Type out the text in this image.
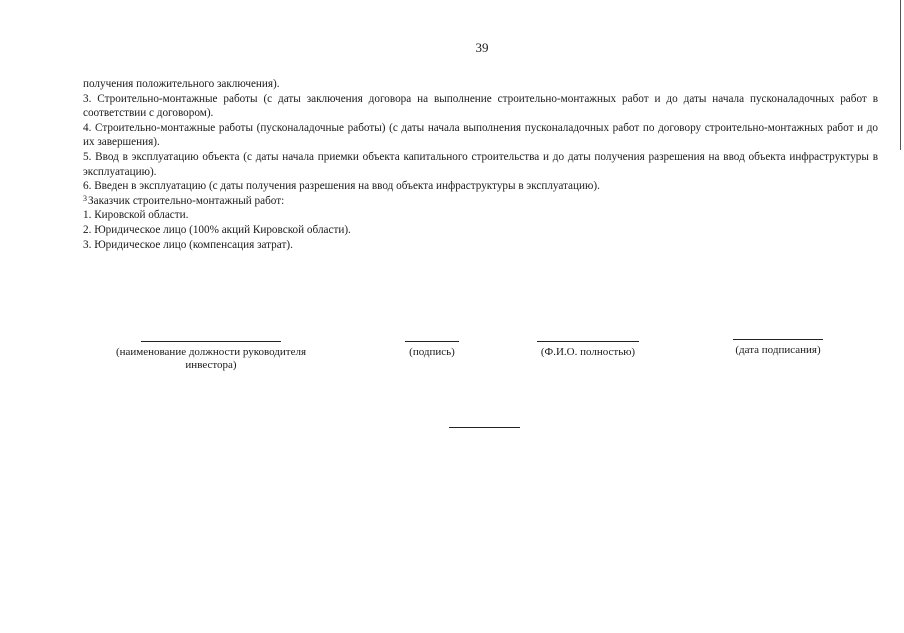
39

получения положительного заключения).

3. Строительно-монтажные работы (с даты заключения договора на выполнение строительно-монтажных работ и до даты начала пусконаладочных работ в соответствии с договором).

4. Строительно-монтажные работы (пусконаладочные работы) (с даты начала выполнения пусконаладочных работ по договору строительно-монтажных работ и до их завершения).

5. Ввод в эксплуатацию объекта (с даты начала приемки объекта капитального строительства и до даты получения разрешения на ввод объекта инфраструктуры в эксплуатацию).

6. Введен в эксплуатацию (с даты получения разрешения на ввод объекта инфраструктуры в эксплуатацию).

$^3$Заказчик строительно-монтажный работ:

1. Кировской области.

2. Юридическое лицо (100% акций Кировской области).

3. Юридическое лицо (компенсация затрат).

(наименование должности руководителя инвестора)
(подпись)	(Ф.И.О. полностью)	(дата подписания)
